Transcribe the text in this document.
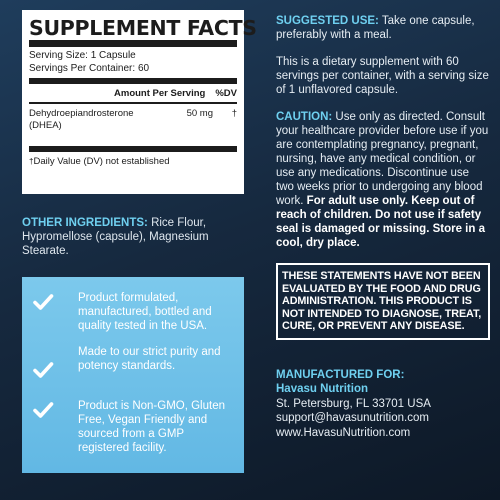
SUPPLEMENT FACTS
Serving Size: 1 Capsule
Servings Per Container: 60
Amount Per Serving %DV
Dehydroepiandrosterone
(DHEA)
50 mg	†
†Daily Value (DV) not established
OTHER INGREDIENTS: Rice Flour, Hypromellose (capsule), Magnesium Stearate.
Product formulated, manufactured, bottled and quality tested in the USA.
Made to our strict purity and potency standards.
Product is Non-GMO, Gluten Free, Vegan Friendly and sourced from a GMP registered facility.
SUGGESTED USE: Take one capsule, preferably with a meal.
This is a dietary supplement with 60 servings per container, with a serving size of 1 unflavored capsule.
CAUTION: Use only as directed. Consult your healthcare provider before use if you are contemplating pregnancy, pregnant, nursing, have any medical condition, or use any medications. Discontinue use two weeks prior to undergoing any blood work. For adult use only. Keep out of reach of children. Do not use if safety seal is damaged or missing. Store in a cool, dry place.
THESE STATEMENTS HAVE NOT BEEN EVALUATED BY THE FOOD AND DRUG ADMINISTRATION. THIS PRODUCT IS NOT INTENDED TO DIAGNOSE, TREAT, CURE, OR PREVENT ANY DISEASE.
MANUFACTURED FOR:
Havasu Nutrition
St. Petersburg, FL 33701 USA
support@havasunutrition.com
www.HavasuNutrition.com
